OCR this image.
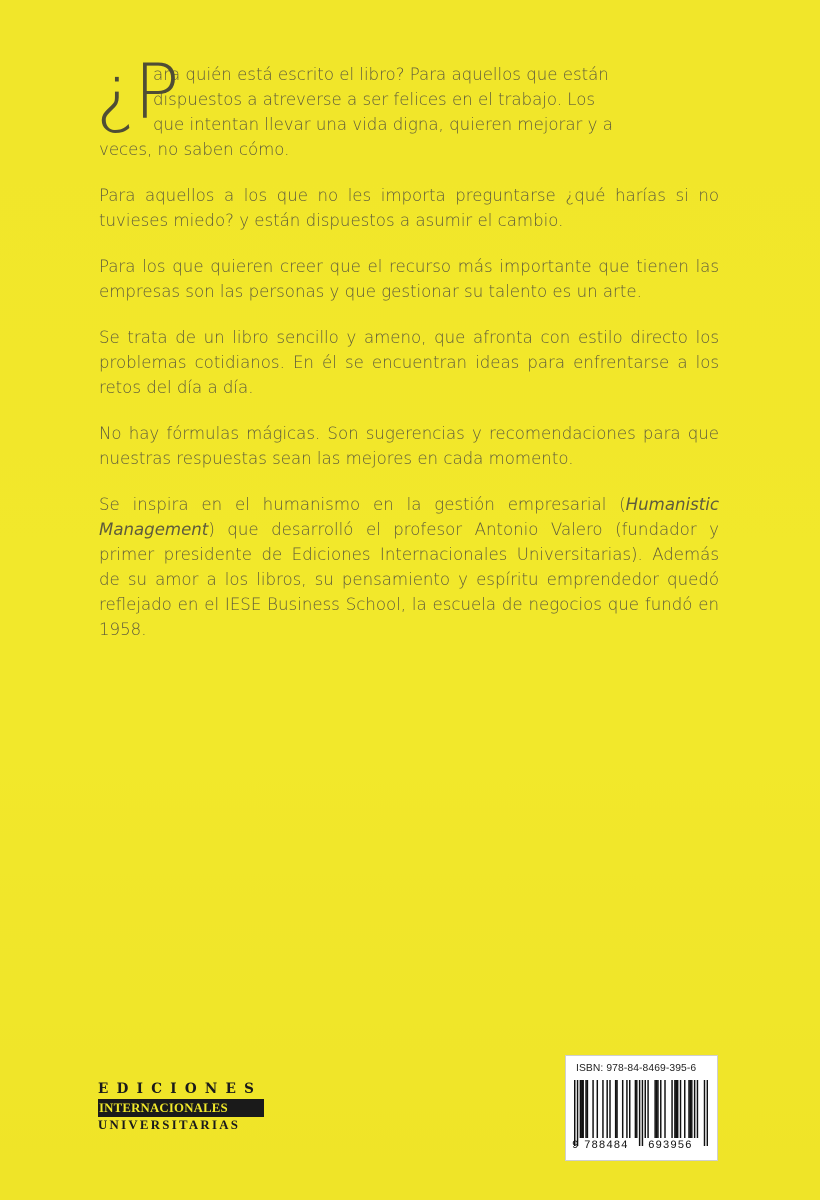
¿P
ara quién está escrito el libro? Para aquellos que están
dispuestos a atreverse a ser felices en el trabajo. Los
que intentan llevar una vida digna, quieren mejorar y a
veces, no saben cómo.

Para aquellos a los que no les importa preguntarse ¿qué harías si no tuvieses miedo? y están dispuestos a asumir el cambio.

Para los que quieren creer que el recurso más importante que tienen las empresas son las personas y que gestionar su talento es un arte.

Se trata de un libro sencillo y ameno, que afronta con estilo directo los problemas cotidianos. En él se encuentran ideas para enfrentarse a los retos del día a día.

No hay fórmulas mágicas. Son sugerencias y recomendaciones para que nuestras respuestas sean las mejores en cada momento.

Se inspira en el humanismo en la gestión empresarial (Humanistic Management) que desarrolló el profesor Antonio Valero (fundador y primer presidente de Ediciones Internacionales Universitarias). Además de su amor a los libros, su pensamiento y espíritu emprendedor quedó reflejado en el IESE Business School, la escuela de negocios que fundó en 1958.

EDICIONES
INTERNACIONALES
UNIVERSITARIAS
ISBN: 978-84-8469-395-6
9 788484 693956
